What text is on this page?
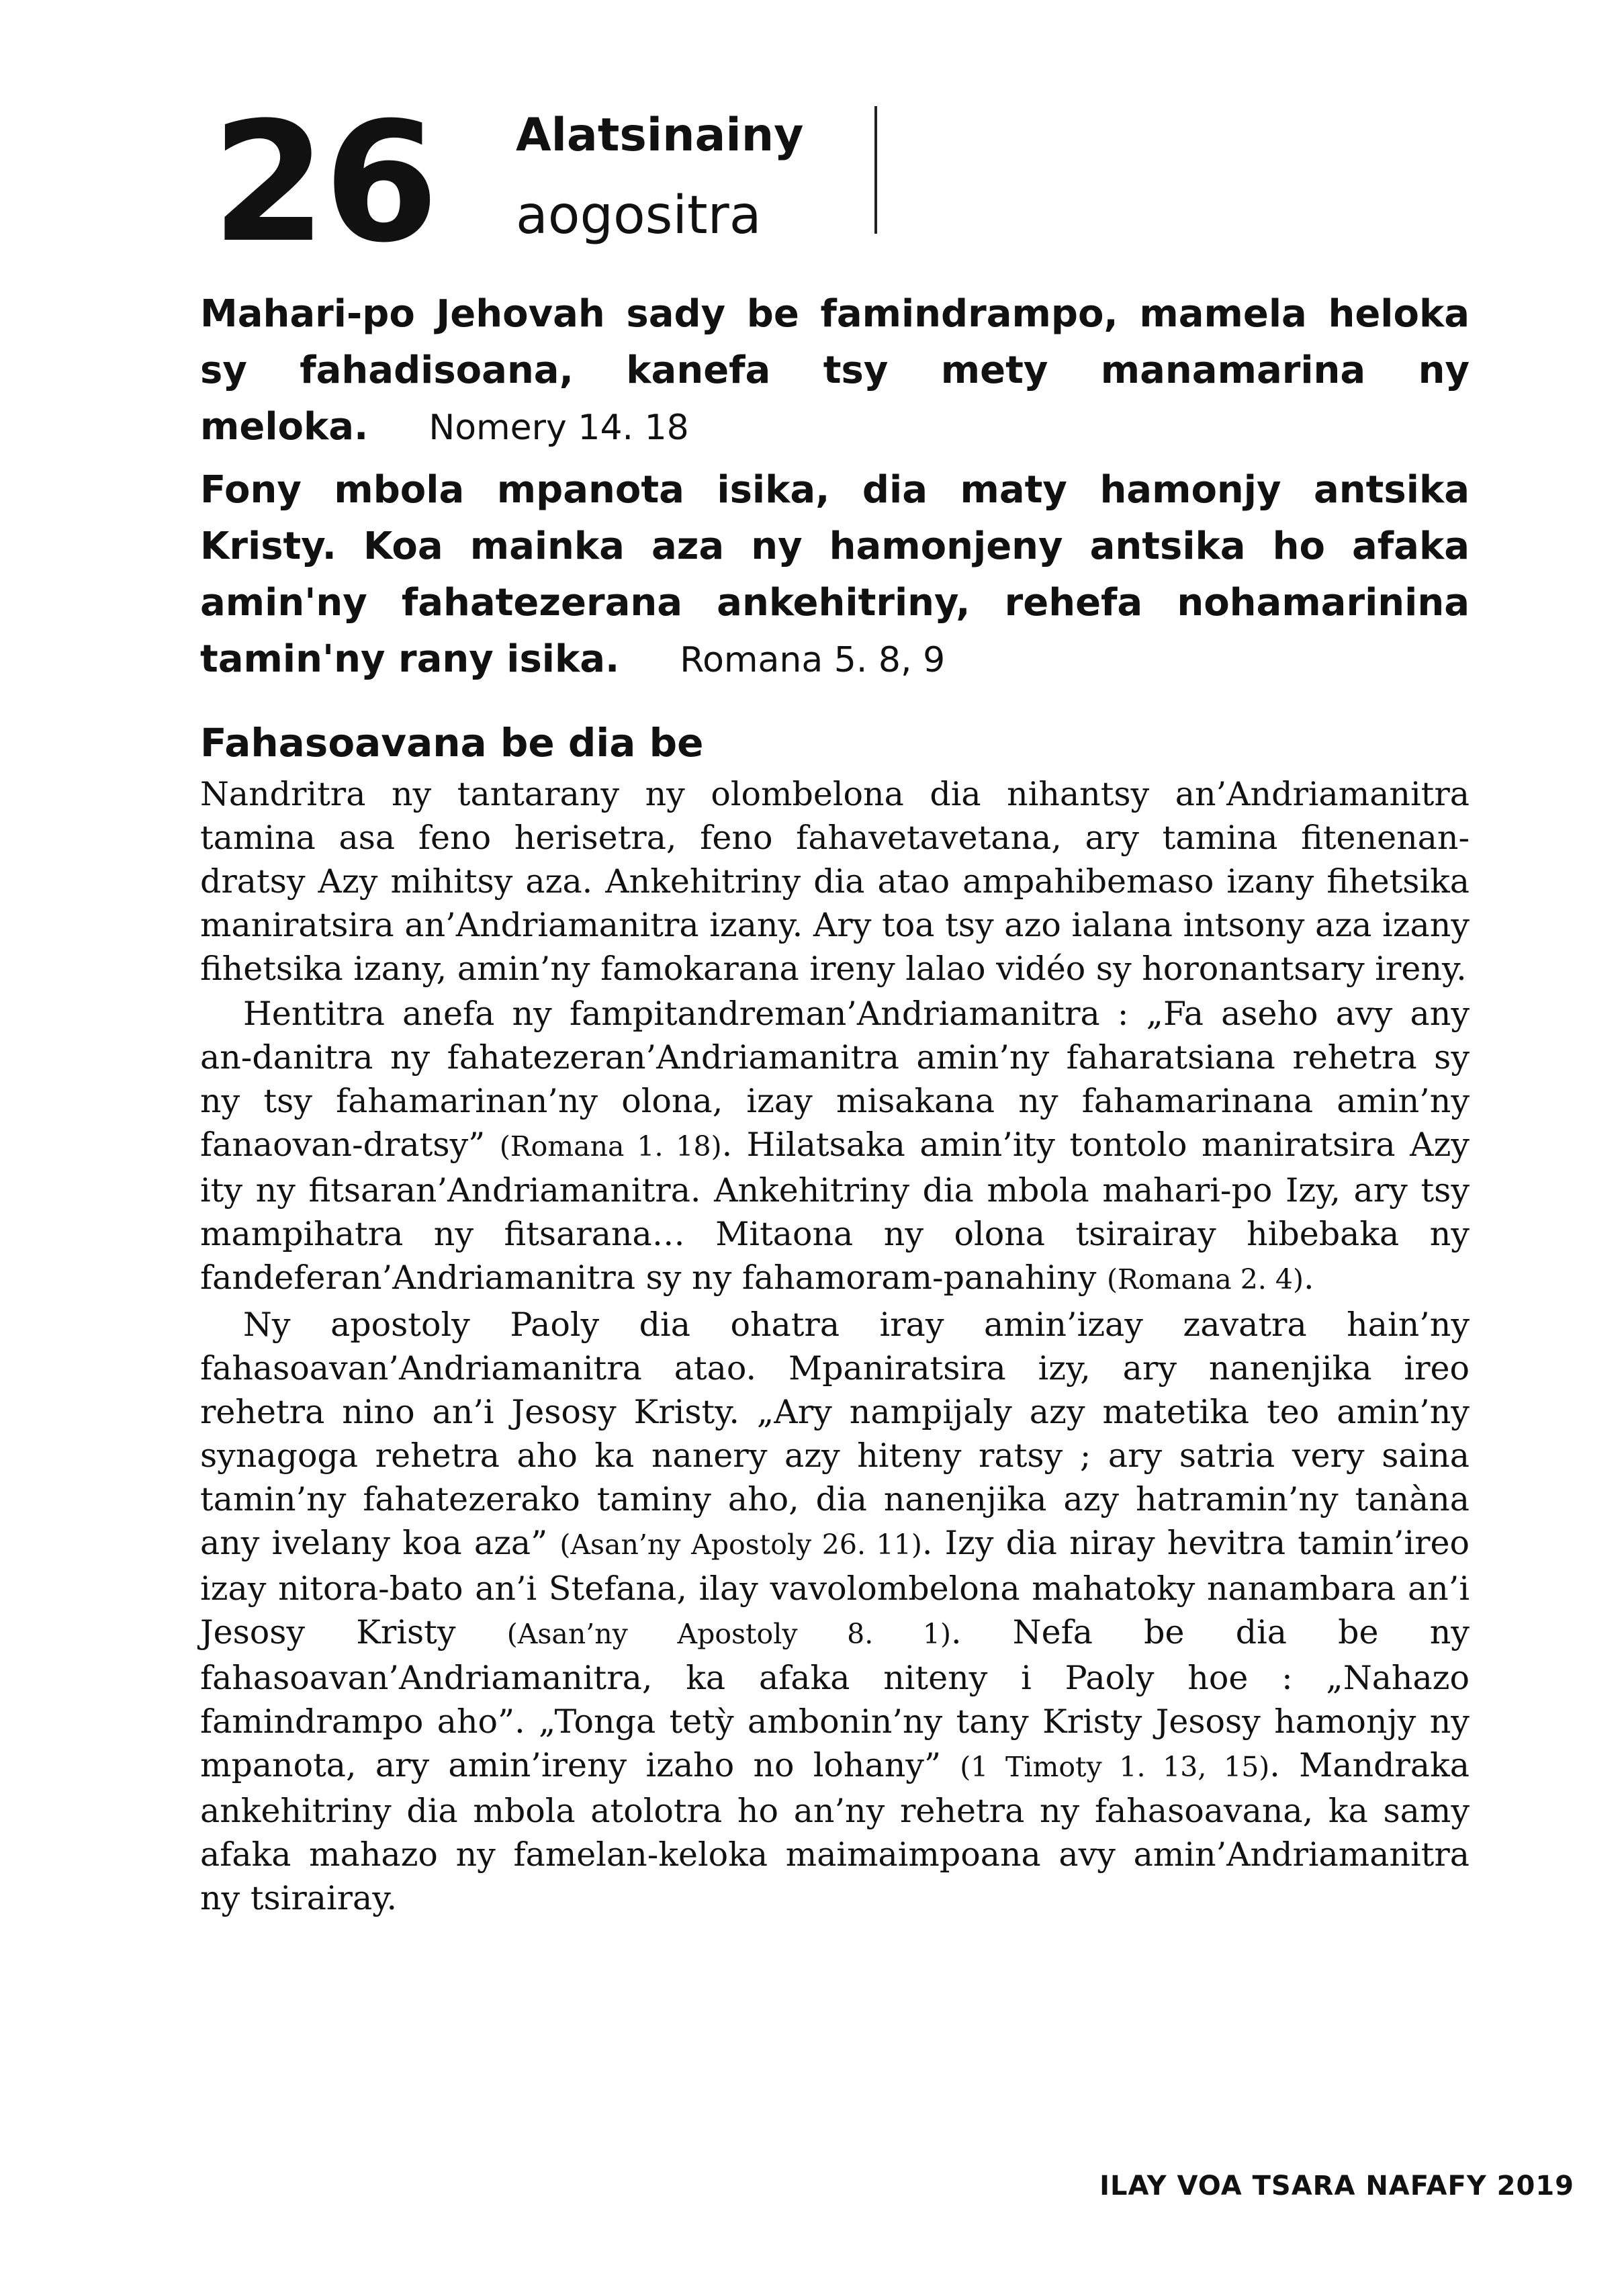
26 Alatsinainy
aogositra
Mahari-po Jehovah sady be famindrampo, mamela heloka sy fahadisoana, kanefa tsy mety manamarina ny meloka. Nomery 14. 18
Fony mbola mpanota isika, dia maty hamonjy antsika Kristy. Koa mainka aza ny hamonjeny antsika ho afaka amin'ny fahatezerana ankehitriny, rehefa nohamarinina tamin'ny rany isika. Romana 5. 8, 9
Fahasoavana be dia be

Nandritra ny tantarany ny olombelona dia nihantsy an’Andriamanitra tamina asa feno herisetra, feno fahavetavetana, ary tamina fitenenan-dratsy Azy mihitsy aza. Ankehitriny dia atao ampahibemaso izany fihetsika maniratsira an’Andriamanitra izany. Ary toa tsy azo ialana intsony aza izany fihetsika izany, amin’ny famokarana ireny lalao vidéo sy horonantsary ireny.

Hentitra anefa ny fampitandreman’Andriamanitra : „Fa aseho avy any an-danitra ny fahatezeran’Andriamanitra amin’ny faharatsiana rehetra sy ny tsy fahamarinan’ny olona, izay misakana ny fahamarinana amin’ny fanaovan-dratsy” (Romana 1. 18). Hilatsaka amin’ity tontolo maniratsira Azy ity ny fitsaran’Andriamanitra. Ankehitriny dia mbola mahari-po Izy, ary tsy mampihatra ny fitsarana… Mitaona ny olona tsirairay hibebaka ny fandeferan’Andriamanitra sy ny fahamoram-panahiny (Romana 2. 4).

Ny apostoly Paoly dia ohatra iray amin’izay zavatra hain’ny fahasoavan’Andriamanitra atao. Mpaniratsira izy, ary nanenjika ireo rehetra nino an’i Jesosy Kristy. „Ary nampijaly azy matetika teo amin’ny synagoga rehetra aho ka nanery azy hiteny ratsy ; ary satria very saina tamin’ny fahatezerako taminy aho, dia nanenjika azy hatramin’ny tanàna any ivelany koa aza” (Asan’ny Apostoly 26. 11). Izy dia niray hevitra tamin’ireo izay nitora-bato an’i Stefana, ilay vavolombelona mahatoky nanambara an’i Jesosy Kristy (Asan’ny Apostoly 8. 1). Nefa be dia be ny fahasoavan’Andriamanitra, ka afaka niteny i Paoly hoe : „Nahazo famindrampo aho”. „Tonga tetỳ ambonin’ny tany Kristy Jesosy hamonjy ny mpanota, ary amin’ireny izaho no lohany” (1 Timoty 1. 13, 15). Mandraka ankehitriny dia mbola atolotra ho an’ny rehetra ny fahasoavana, ka samy afaka mahazo ny famelan-keloka maimaimpoana avy amin’Andriamanitra ny tsirairay.

ILAY VOA TSARA NAFAFY 2019
